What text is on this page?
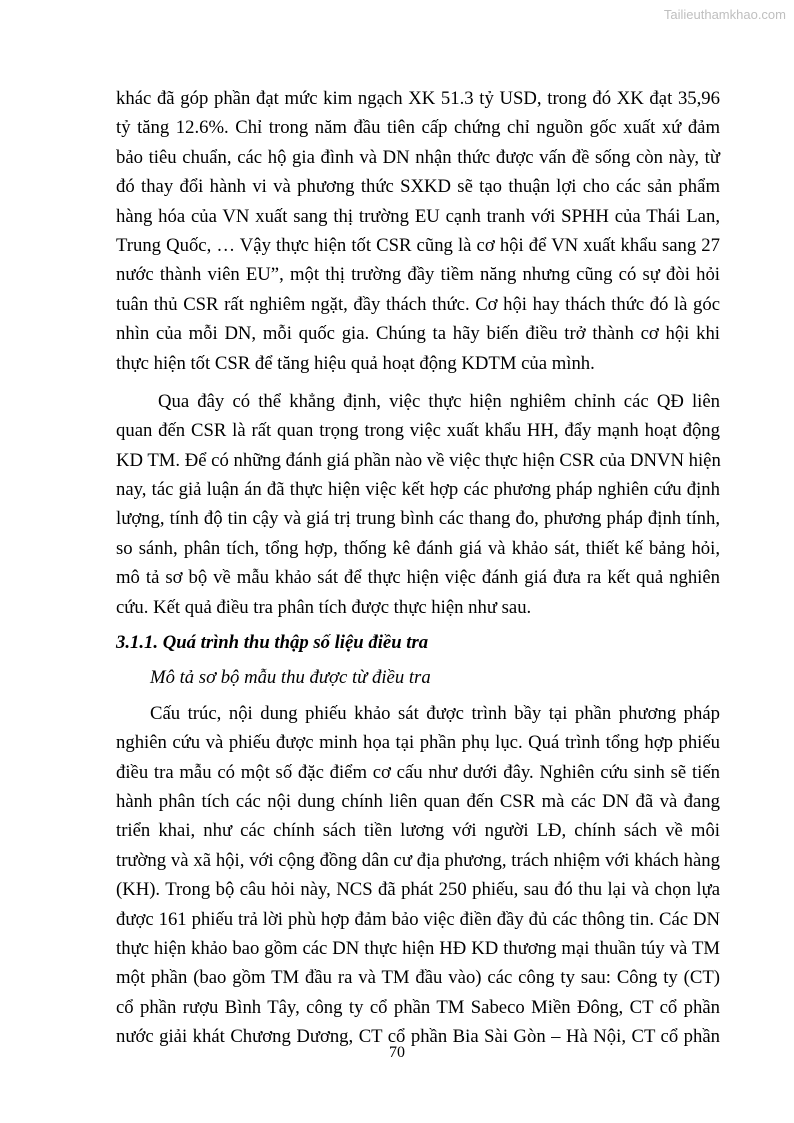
Tailieuthamkhao.com
khác đã góp phần đạt mức kim ngạch XK 51.3 tỷ USD, trong đó XK đạt 35,96
tỷ tăng 12.6%. Chỉ trong năm đầu tiên cấp chứng chỉ nguồn gốc xuất xứ đảm
bảo tiêu chuẩn, các hộ gia đình và DN nhận thức được vấn đề sống còn này, từ
đó thay đổi hành vi và phương thức SXKD sẽ tạo thuận lợi cho các sản phẩm
hàng hóa của VN xuất sang thị trường EU cạnh tranh với SPHH của Thái Lan,
Trung Quốc, … Vậy thực hiện tốt CSR cũng là cơ hội để VN xuất khẩu sang 27
nước thành viên EU”, một thị trường đầy tiềm năng nhưng cũng có sự đòi hỏi
tuân thủ CSR rất nghiêm ngặt, đầy thách thức. Cơ hội hay thách thức đó là góc
nhìn của mỗi DN, mỗi quốc gia. Chúng ta hãy biến điều trở thành cơ hội khi
thực hiện tốt CSR để tăng hiệu quả hoạt động KDTM của mình.
Qua đây có thể khẳng định, việc thực hiện nghiêm chỉnh các QĐ liên
quan đến CSR là rất quan trọng trong việc xuất khẩu HH, đẩy mạnh hoạt động
KD TM. Để có những đánh giá phần nào về việc thực hiện CSR của DNVN hiện
nay, tác giả luận án đã thực hiện việc kết hợp các phương pháp nghiên cứu định
lượng, tính độ tin cậy và giá trị trung bình các thang đo, phương pháp định tính,
so sánh, phân tích, tổng hợp, thống kê đánh giá và khảo sát, thiết kế bảng hỏi,
mô tả sơ bộ về mẫu khảo sát để thực hiện việc đánh giá đưa ra kết quả nghiên
cứu. Kết quả điều tra phân tích được thực hiện như sau.
3.1.1. Quá trình thu thập số liệu điều tra
Mô tả sơ bộ mẫu thu được từ điều tra
Cấu trúc, nội dung phiếu khảo sát được trình bầy tại phần phương pháp
nghiên cứu và phiếu được minh họa tại phần phụ lục. Quá trình tổng hợp phiếu
điều tra mẫu có một số đặc điểm cơ cấu như dưới đây. Nghiên cứu sinh sẽ tiến
hành phân tích các nội dung chính liên quan đến CSR mà các DN đã và đang
triển khai, như các chính sách tiền lương với người LĐ, chính sách về môi
trường và xã hội, với cộng đồng dân cư địa phương, trách nhiệm với khách hàng
(KH). Trong bộ câu hỏi này, NCS đã phát 250 phiếu, sau đó thu lại và chọn lựa
được 161 phiếu trả lời phù hợp đảm bảo việc điền đầy đủ các thông tin. Các DN
thực hiện khảo bao gồm các DN thực hiện HĐ KD thương mại thuần túy và TM
một phần (bao gồm TM đầu ra và TM đầu vào) các công ty sau: Công ty (CT)
cổ phần rượu Bình Tây, công ty cổ phần TM Sabeco Miền Đông, CT cổ phần
nước giải khát Chương Dương, CT cổ phần Bia Sài Gòn – Hà Nội, CT cổ phần
70
